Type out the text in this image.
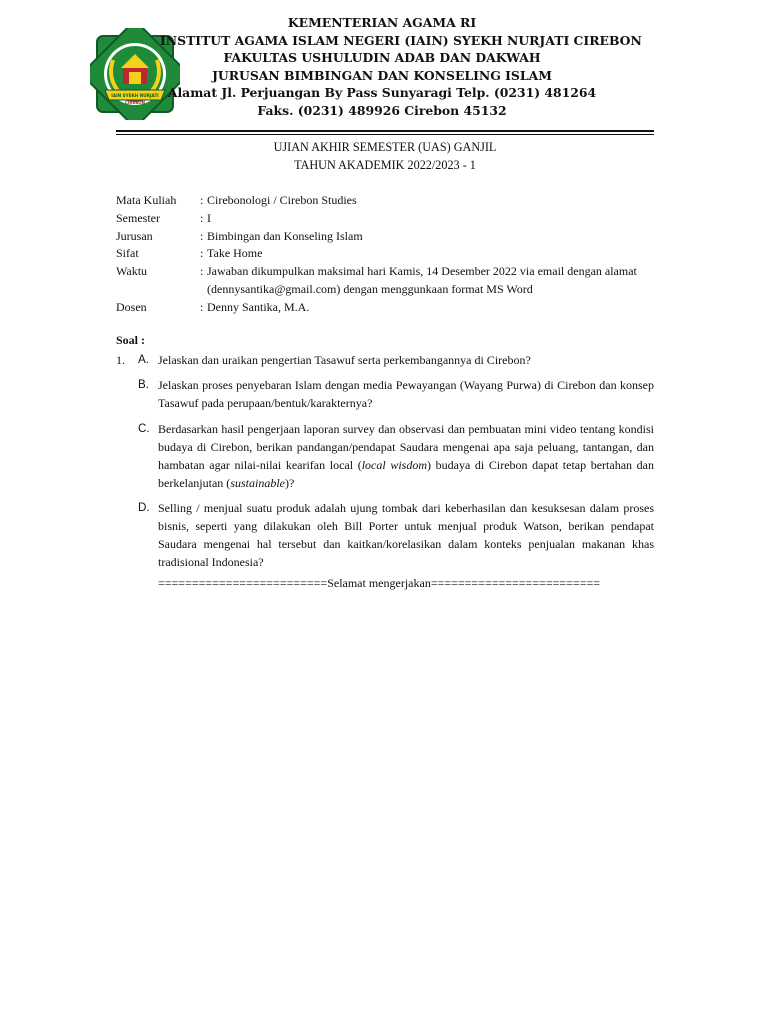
IAIN SYEKH NURJATI
CIREBON
KEMENTERIAN AGAMA RI
INSTITUT AGAMA ISLAM NEGERI (IAIN) SYEKH NURJATI CIREBON
FAKULTAS USHULUDIN ADAB DAN DAKWAH
JURUSAN BIMBINGAN DAN KONSELING ISLAM
Alamat Jl. Perjuangan By Pass Sunyaragi Telp. (0231) 481264
Faks. (0231) 489926 Cirebon 45132
UJIAN AKHIR SEMESTER (UAS) GANJIL
TAHUN AKADEMIK 2022/2023 - 1
Mata Kuliah	: Cirebonologi / Cirebon Studies
Semester	: I
Jurusan	: Bimbingan dan Konseling Islam
Sifat	: Take Home
Waktu	: Jawaban dikumpulkan maksimal hari Kamis, 14 Desember 2022 via email dengan alamat (dennysantika@gmail.com) dengan menggunkaan format MS Word
Dosen	: Denny Santika, M.A.
Soal :
1. A. Jelaskan dan uraikan pengertian Tasawuf serta perkembangannya di Cirebon?
B. Jelaskan proses penyebaran Islam dengan media Pewayangan (Wayang Purwa) di Cirebon dan konsep Tasawuf pada perupaan/bentuk/karakternya?
C. Berdasarkan hasil pengerjaan laporan survey dan observasi dan pembuatan mini video tentang kondisi budaya di Cirebon, berikan pandangan/pendapat Saudara mengenai apa saja peluang, tantangan, dan hambatan agar nilai-nilai kearifan local (local wisdom) budaya di Cirebon dapat tetap bertahan dan berkelanjutan (sustainable)?
D. Selling / menjual suatu produk adalah ujung tombak dari keberhasilan dan kesuksesan dalam proses bisnis, seperti yang dilakukan oleh Bill Porter untuk menjual produk Watson, berikan pendapat Saudara mengenai hal tersebut dan kaitkan/korelasikan dalam konteks penjualan makanan khas tradisional Indonesia?
=========================Selamat mengerjakan=========================
